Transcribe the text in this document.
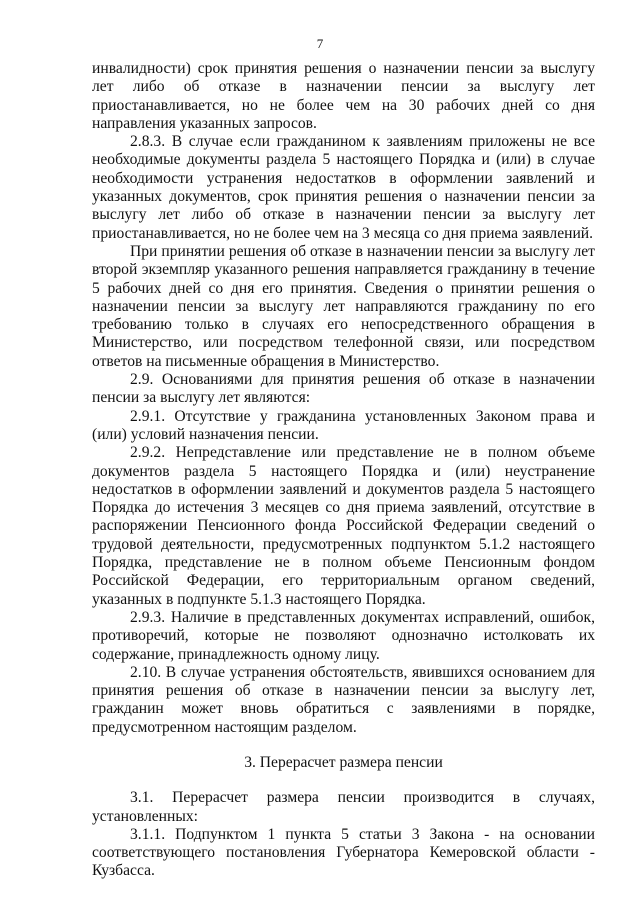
7

инвалидности) срок принятия решения о назначении пенсии за выслугу лет либо об отказе в назначении пенсии за выслугу лет приостанавливается, но не более чем на 30 рабочих дней со дня направления указанных запросов.

2.8.3. В случае если гражданином к заявлениям приложены не все необходимые документы раздела 5 настоящего Порядка и (или) в случае необходимости устранения недостатков в оформлении заявлений и указанных документов, срок принятия решения о назначении пенсии за выслугу лет либо об отказе в назначении пенсии за выслугу лет приостанавливается, но не более чем на 3 месяца со дня приема заявлений.

При принятии решения об отказе в назначении пенсии за выслугу лет второй экземпляр указанного решения направляется гражданину в течение 5 рабочих дней со дня его принятия. Сведения о принятии решения о назначении пенсии за выслугу лет направляются гражданину по его требованию только в случаях его непосредственного обращения в Министерство, или посредством телефонной связи, или посредством ответов на письменные обращения в Министерство.

2.9. Основаниями для принятия решения об отказе в назначении пенсии за выслугу лет являются:

2.9.1. Отсутствие у гражданина установленных Законом права и (или) условий назначения пенсии.

2.9.2. Непредставление или представление не в полном объеме документов раздела 5 настоящего Порядка и (или) неустранение недостатков в оформлении заявлений и документов раздела 5 настоящего Порядка до истечения 3 месяцев со дня приема заявлений, отсутствие в распоряжении Пенсионного фонда Российской Федерации сведений о трудовой деятельности, предусмотренных подпунктом 5.1.2 настоящего Порядка, представление не в полном объеме Пенсионным фондом Российской Федерации, его территориальным органом сведений, указанных в подпункте 5.1.3 настоящего Порядка.

2.9.3. Наличие в представленных документах исправлений, ошибок, противоречий, которые не позволяют однозначно истолковать их содержание, принадлежность одному лицу.

2.10. В случае устранения обстоятельств, явившихся основанием для принятия решения об отказе в назначении пенсии за выслугу лет, гражданин может вновь обратиться с заявлениями в порядке, предусмотренном настоящим разделом.

3. Перерасчет размера пенсии

3.1. Перерасчет размера пенсии производится в случаях, установленных:

3.1.1. Подпунктом 1 пункта 5 статьи 3 Закона - на основании соответствующего постановления Губернатора Кемеровской области - Кузбасса.
